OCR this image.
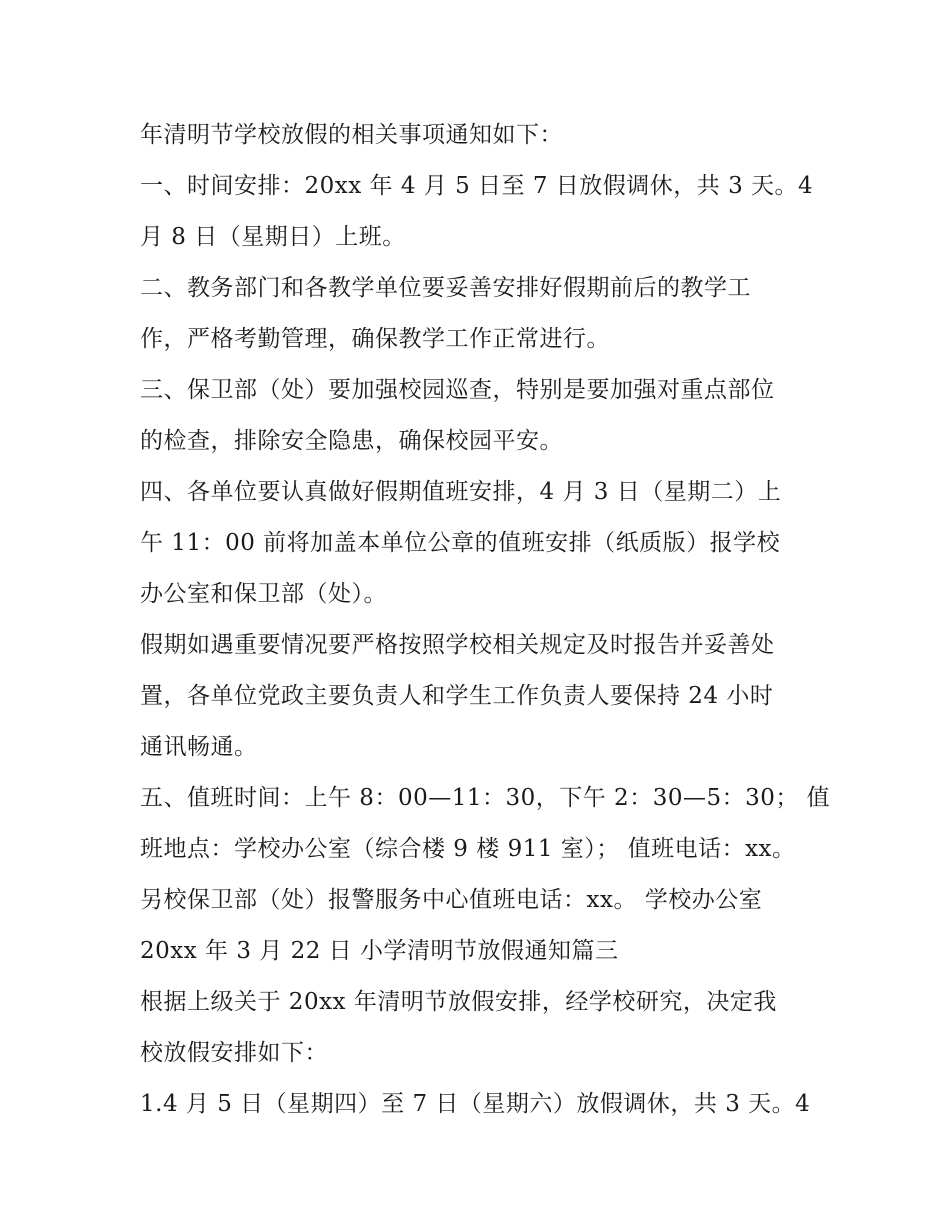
年清明节学校放假的相关事项通知如下：
一、时间安排：20xx 年 4 月 5 日至 7 日放假调休，共 3 天。4
月 8 日（星期日）上班。
二、教务部门和各教学单位要妥善安排好假期前后的教学工
作，严格考勤管理，确保教学工作正常进行。
三、保卫部（处）要加强校园巡查，特别是要加强对重点部位
的检查，排除安全隐患，确保校园平安。
四、各单位要认真做好假期值班安排，4 月 3 日（星期二）上
午 11：00 前将加盖本单位公章的值班安排（纸质版）报学校
办公室和保卫部（处）。
假期如遇重要情况要严格按照学校相关规定及时报告并妥善处
置，各单位党政主要负责人和学生工作负责人要保持 24 小时
通讯畅通。
五、值班时间：上午 8：00—11：30，下午 2：30—5：30； 值
班地点：学校办公室（综合楼 9 楼 911 室）； 值班电话：xx。
另校保卫部（处）报警服务中心值班电话：xx。 学校办公室
20xx 年 3 月 22 日 小学清明节放假通知篇三
根据上级关于 20xx 年清明节放假安排，经学校研究，决定我
校放假安排如下：
1.4 月 5 日（星期四）至 7 日（星期六）放假调休，共 3 天。4
